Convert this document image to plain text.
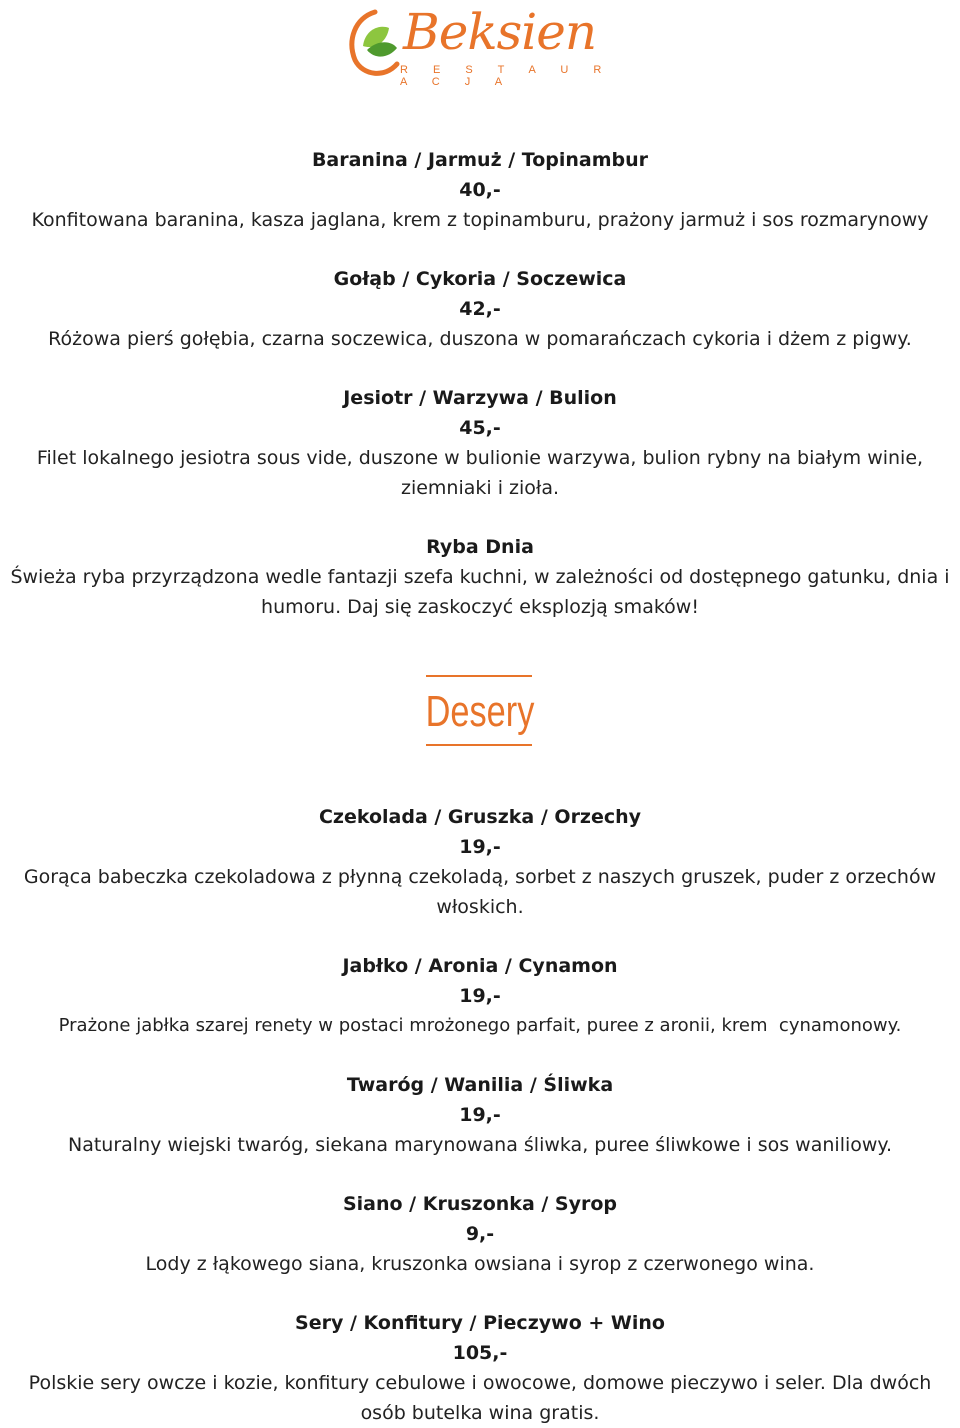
Beksien
R E S T A U R A C J A
Baranina / Jarmuż / Topinambur
40,-
Konfitowana baranina, kasza jaglana, krem z topinamburu, prażony jarmuż i sos rozmarynowy
Gołąb / Cykoria / Soczewica
42,-
Różowa pierś gołębia, czarna soczewica, duszona w pomarańczach cykoria i dżem z pigwy.
Jesiotr / Warzywa / Bulion
45,-
Filet lokalnego jesiotra sous vide, duszone w bulionie warzywa, bulion rybny na białym winie, ziemniaki i zioła.
Ryba Dnia
Świeża ryba przyrządzona wedle fantazji szefa kuchni, w zależności od dostępnego gatunku, dnia i humoru. Daj się zaskoczyć eksplozją smaków!
Desery
Czekolada / Gruszka / Orzechy
19,-
Gorąca babeczka czekoladowa z płynną czekoladą, sorbet z naszych gruszek, puder z orzechów włoskich.
Jabłko / Aronia / Cynamon
19,-
Prażone jabłka szarej renety w postaci mrożonego parfait, puree z aronii, krem  cynamonowy.
Twaróg / Wanilia / Śliwka
19,-
Naturalny wiejski twaróg, siekana marynowana śliwka, puree śliwkowe i sos waniliowy.
Siano / Kruszonka / Syrop
9,-
Lody z łąkowego siana, kruszonka owsiana i syrop z czerwonego wina.
Sery / Konfitury / Pieczywo + Wino
105,-
Polskie sery owcze i kozie, konfitury cebulowe i owocowe, domowe pieczywo i seler. Dla dwóch osób butelka wina gratis.
